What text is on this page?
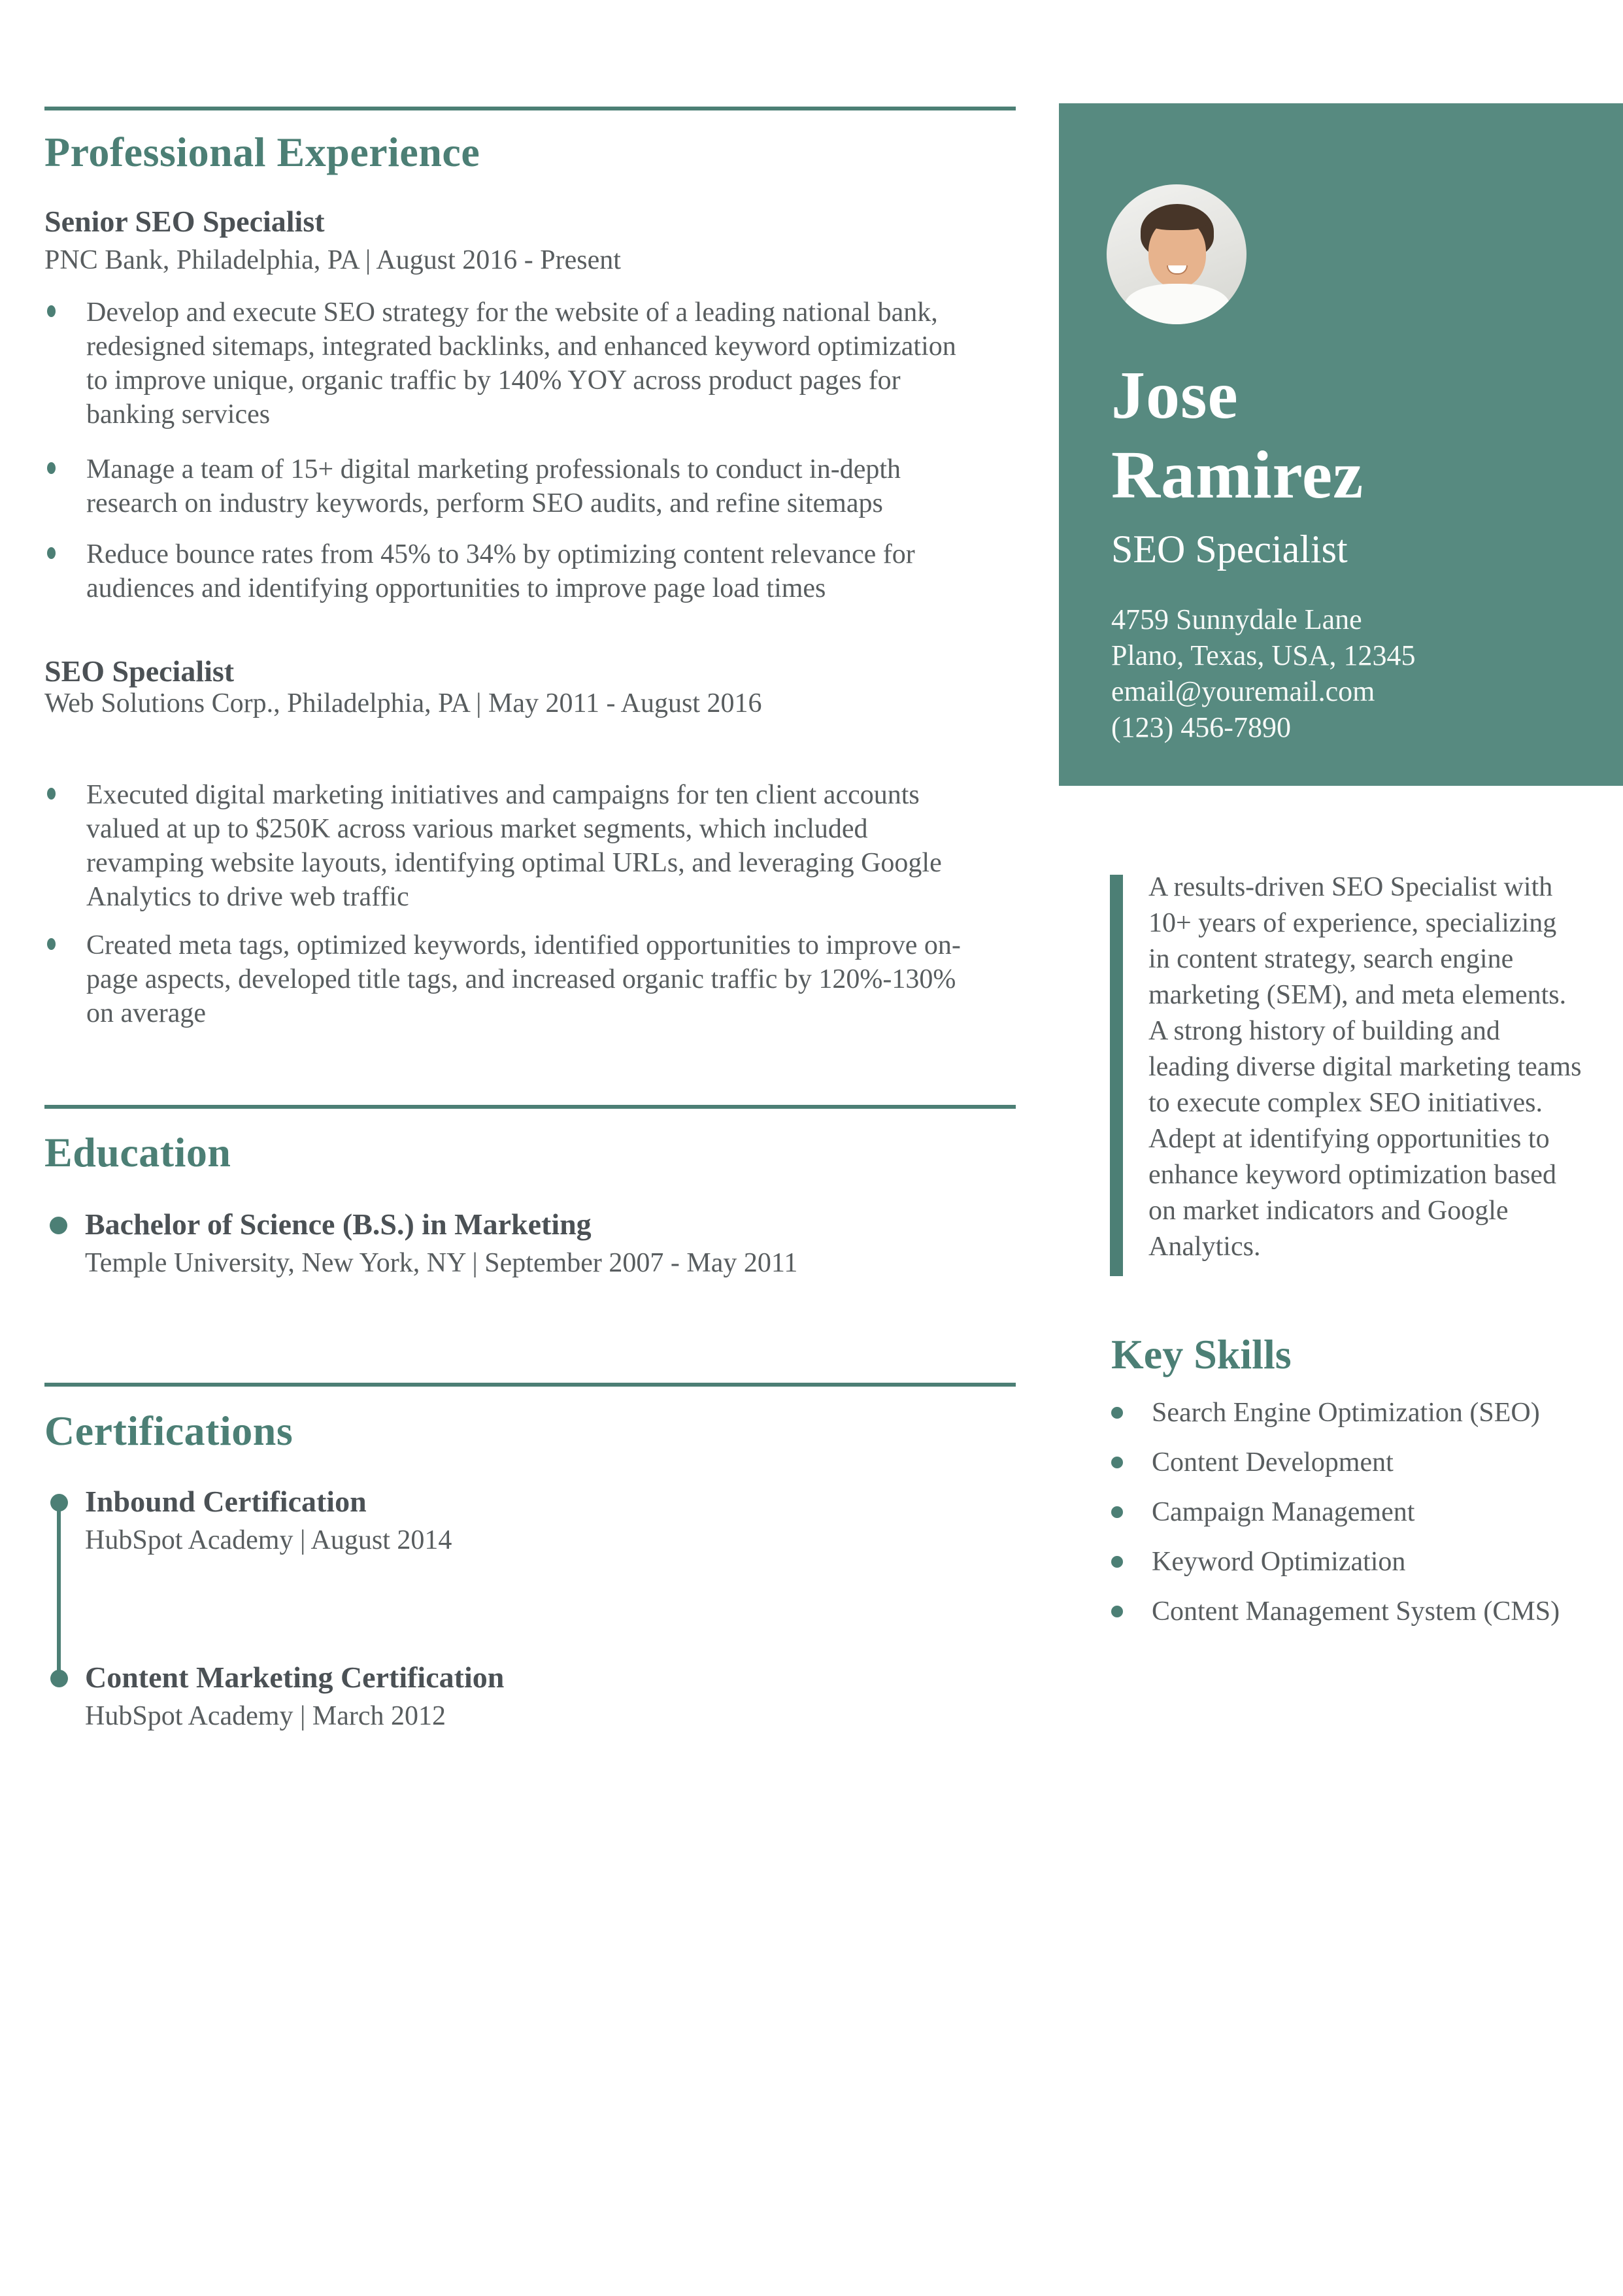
Professional Experience
Senior SEO Specialist
PNC Bank, Philadelphia, PA | August 2016 - Present
Develop and execute SEO strategy for the website of a leading national bank, redesigned sitemaps, integrated backlinks, and enhanced keyword optimization to improve unique, organic traffic by 140% YOY across product pages for banking services
Manage a team of 15+ digital marketing professionals to conduct in-depth research on industry keywords, perform SEO audits, and refine sitemaps
Reduce bounce rates from 45% to 34% by optimizing content relevance for audiences and identifying opportunities to improve page load times
SEO Specialist
Web Solutions Corp., Philadelphia, PA | May 2011 - August 2016
Executed digital marketing initiatives and campaigns for ten client accounts valued at up to $250K across various market segments, which included revamping website layouts, identifying optimal URLs, and leveraging Google Analytics to drive web traffic
Created meta tags, optimized keywords, identified opportunities to improve on-page aspects, developed title tags, and increased organic traffic by 120%-130% on average
Education
Bachelor of Science (B.S.) in Marketing
Temple University, New York, NY | September 2007 - May 2011
Certifications
Inbound Certification
HubSpot Academy | August 2014
Content Marketing Certification
HubSpot Academy | March 2012
Jose
Ramirez
SEO Specialist
4759 Sunnydale Lane
Plano, Texas, USA, 12345
email@youremail.com
(123) 456-7890
A results-driven SEO Specialist with 10+ years of experience, specializing in content strategy, search engine marketing (SEM), and meta elements. A strong history of building and leading diverse digital marketing teams to execute complex SEO initiatives. Adept at identifying opportunities to enhance keyword optimization based on market indicators and Google Analytics.
Key Skills
Search Engine Optimization (SEO)
Content Development
Campaign Management
Keyword Optimization
Content Management System (CMS)
